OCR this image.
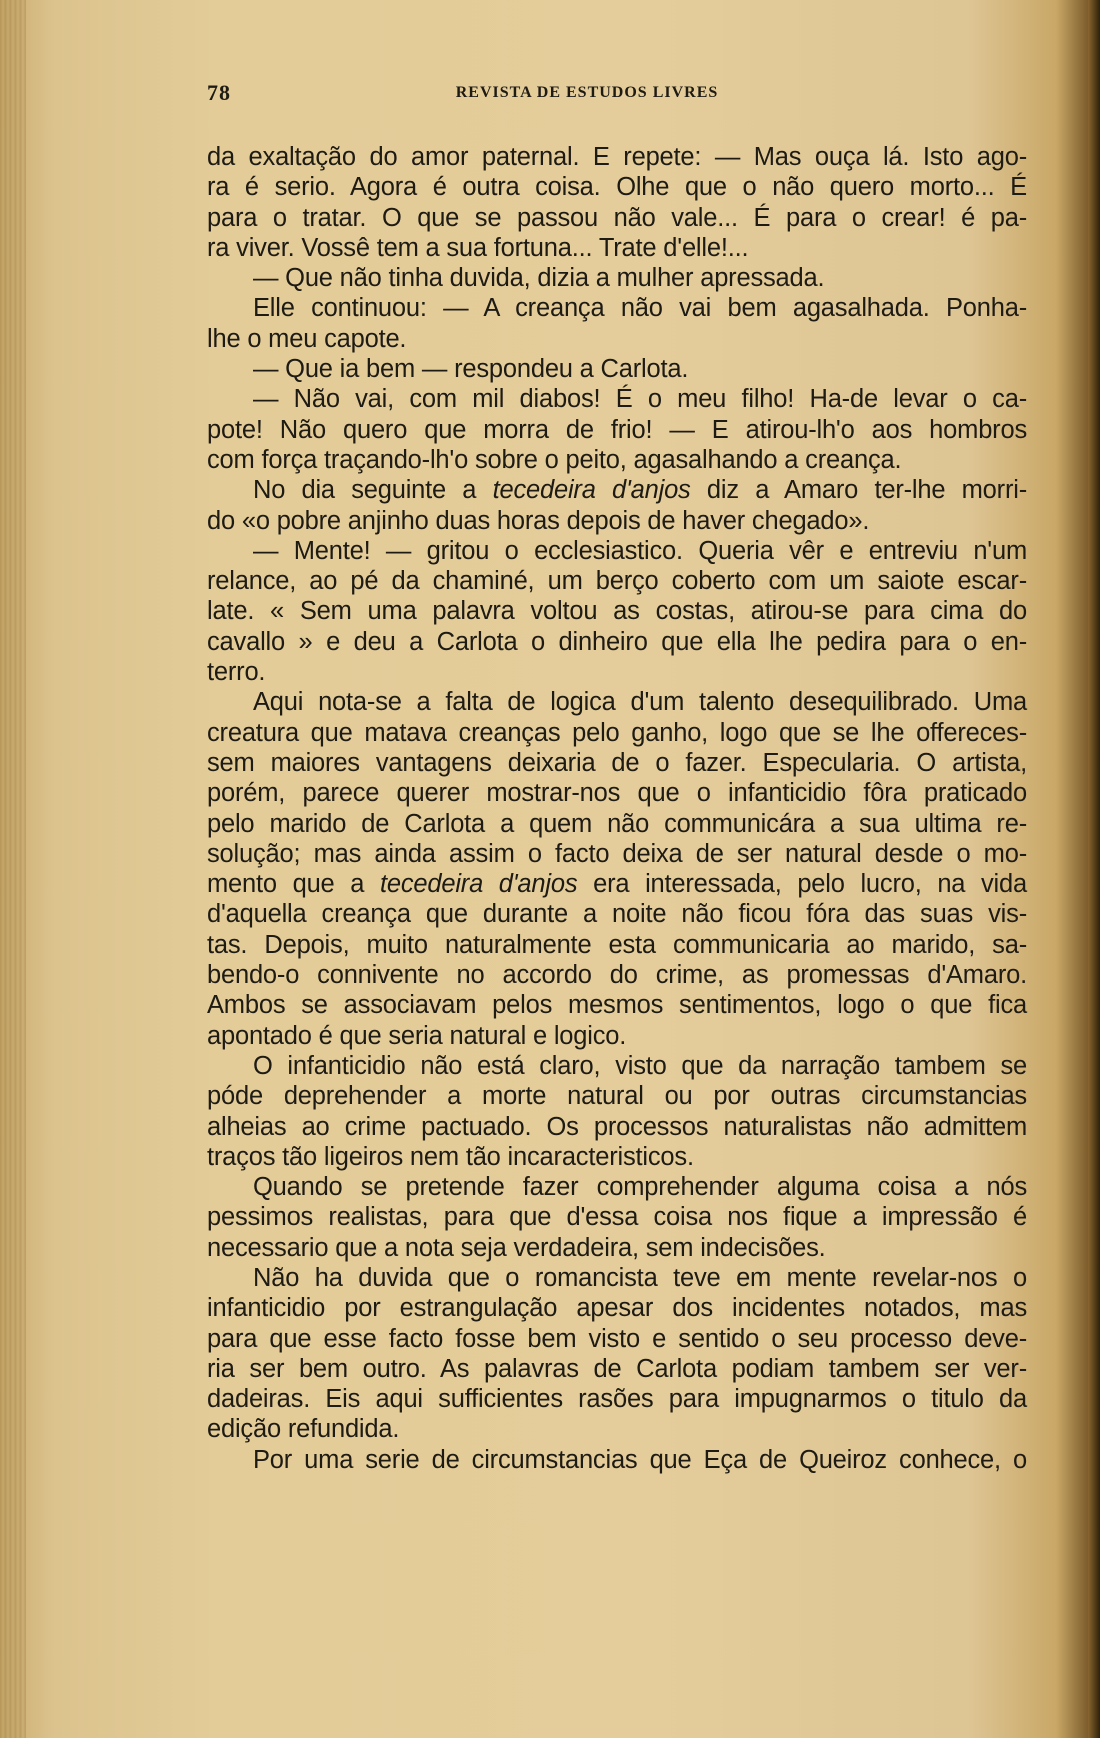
78	REVISTA DE ESTUDOS LIVRES
da exaltação do amor paternal. E repete: — Mas ouça lá. Isto ago-
ra é serio. Agora é outra coisa. Olhe que o não quero morto... É
para o tratar. O que se passou não vale... É para o crear! é pa-
ra viver. Vossê tem a sua fortuna... Trate d'elle!...
— Que não tinha duvida, dizia a mulher apressada.
Elle continuou: — A creança não vai bem agasalhada. Ponha-
lhe o meu capote.
— Que ia bem — respondeu a Carlota.
— Não vai, com mil diabos! É o meu filho! Ha-de levar o ca-
pote! Não quero que morra de frio! — E atirou-lh'o aos hombros
com força traçando-lh'o sobre o peito, agasalhando a creança.
No dia seguinte a tecedeira d'anjos diz a Amaro ter-lhe morri-
do «o pobre anjinho duas horas depois de haver chegado».
— Mente! — gritou o ecclesiastico. Queria vêr e entreviu n'um
relance, ao pé da chaminé, um berço coberto com um saiote escar-
late. « Sem uma palavra voltou as costas, atirou-se para cima do
cavallo » e deu a Carlota o dinheiro que ella lhe pedira para o en-
terro.
Aqui nota-se a falta de logica d'um talento desequilibrado. Uma
creatura que matava creanças pelo ganho, logo que se lhe offereces-
sem maiores vantagens deixaria de o fazer. Especularia. O artista,
porém, parece querer mostrar-nos que o infanticidio fôra praticado
pelo marido de Carlota a quem não communicára a sua ultima re-
solução; mas ainda assim o facto deixa de ser natural desde o mo-
mento que a tecedeira d'anjos era interessada, pelo lucro, na vida
d'aquella creança que durante a noite não ficou fóra das suas vis-
tas. Depois, muito naturalmente esta communicaria ao marido, sa-
bendo-o connivente no accordo do crime, as promessas d'Amaro.
Ambos se associavam pelos mesmos sentimentos, logo o que fica
apontado é que seria natural e logico.
O infanticidio não está claro, visto que da narração tambem se
póde deprehender a morte natural ou por outras circumstancias
alheias ao crime pactuado. Os processos naturalistas não admittem
traços tão ligeiros nem tão incaracteristicos.
Quando se pretende fazer comprehender alguma coisa a nós
pessimos realistas, para que d'essa coisa nos fique a impressão é
necessario que a nota seja verdadeira, sem indecisões.
Não ha duvida que o romancista teve em mente revelar-nos o
infanticidio por estrangulação apesar dos incidentes notados, mas
para que esse facto fosse bem visto e sentido o seu processo deve-
ria ser bem outro. As palavras de Carlota podiam tambem ser ver-
dadeiras. Eis aqui sufficientes rasões para impugnarmos o titulo da
edição refundida.
Por uma serie de circumstancias que Eça de Queiroz conhece, o
